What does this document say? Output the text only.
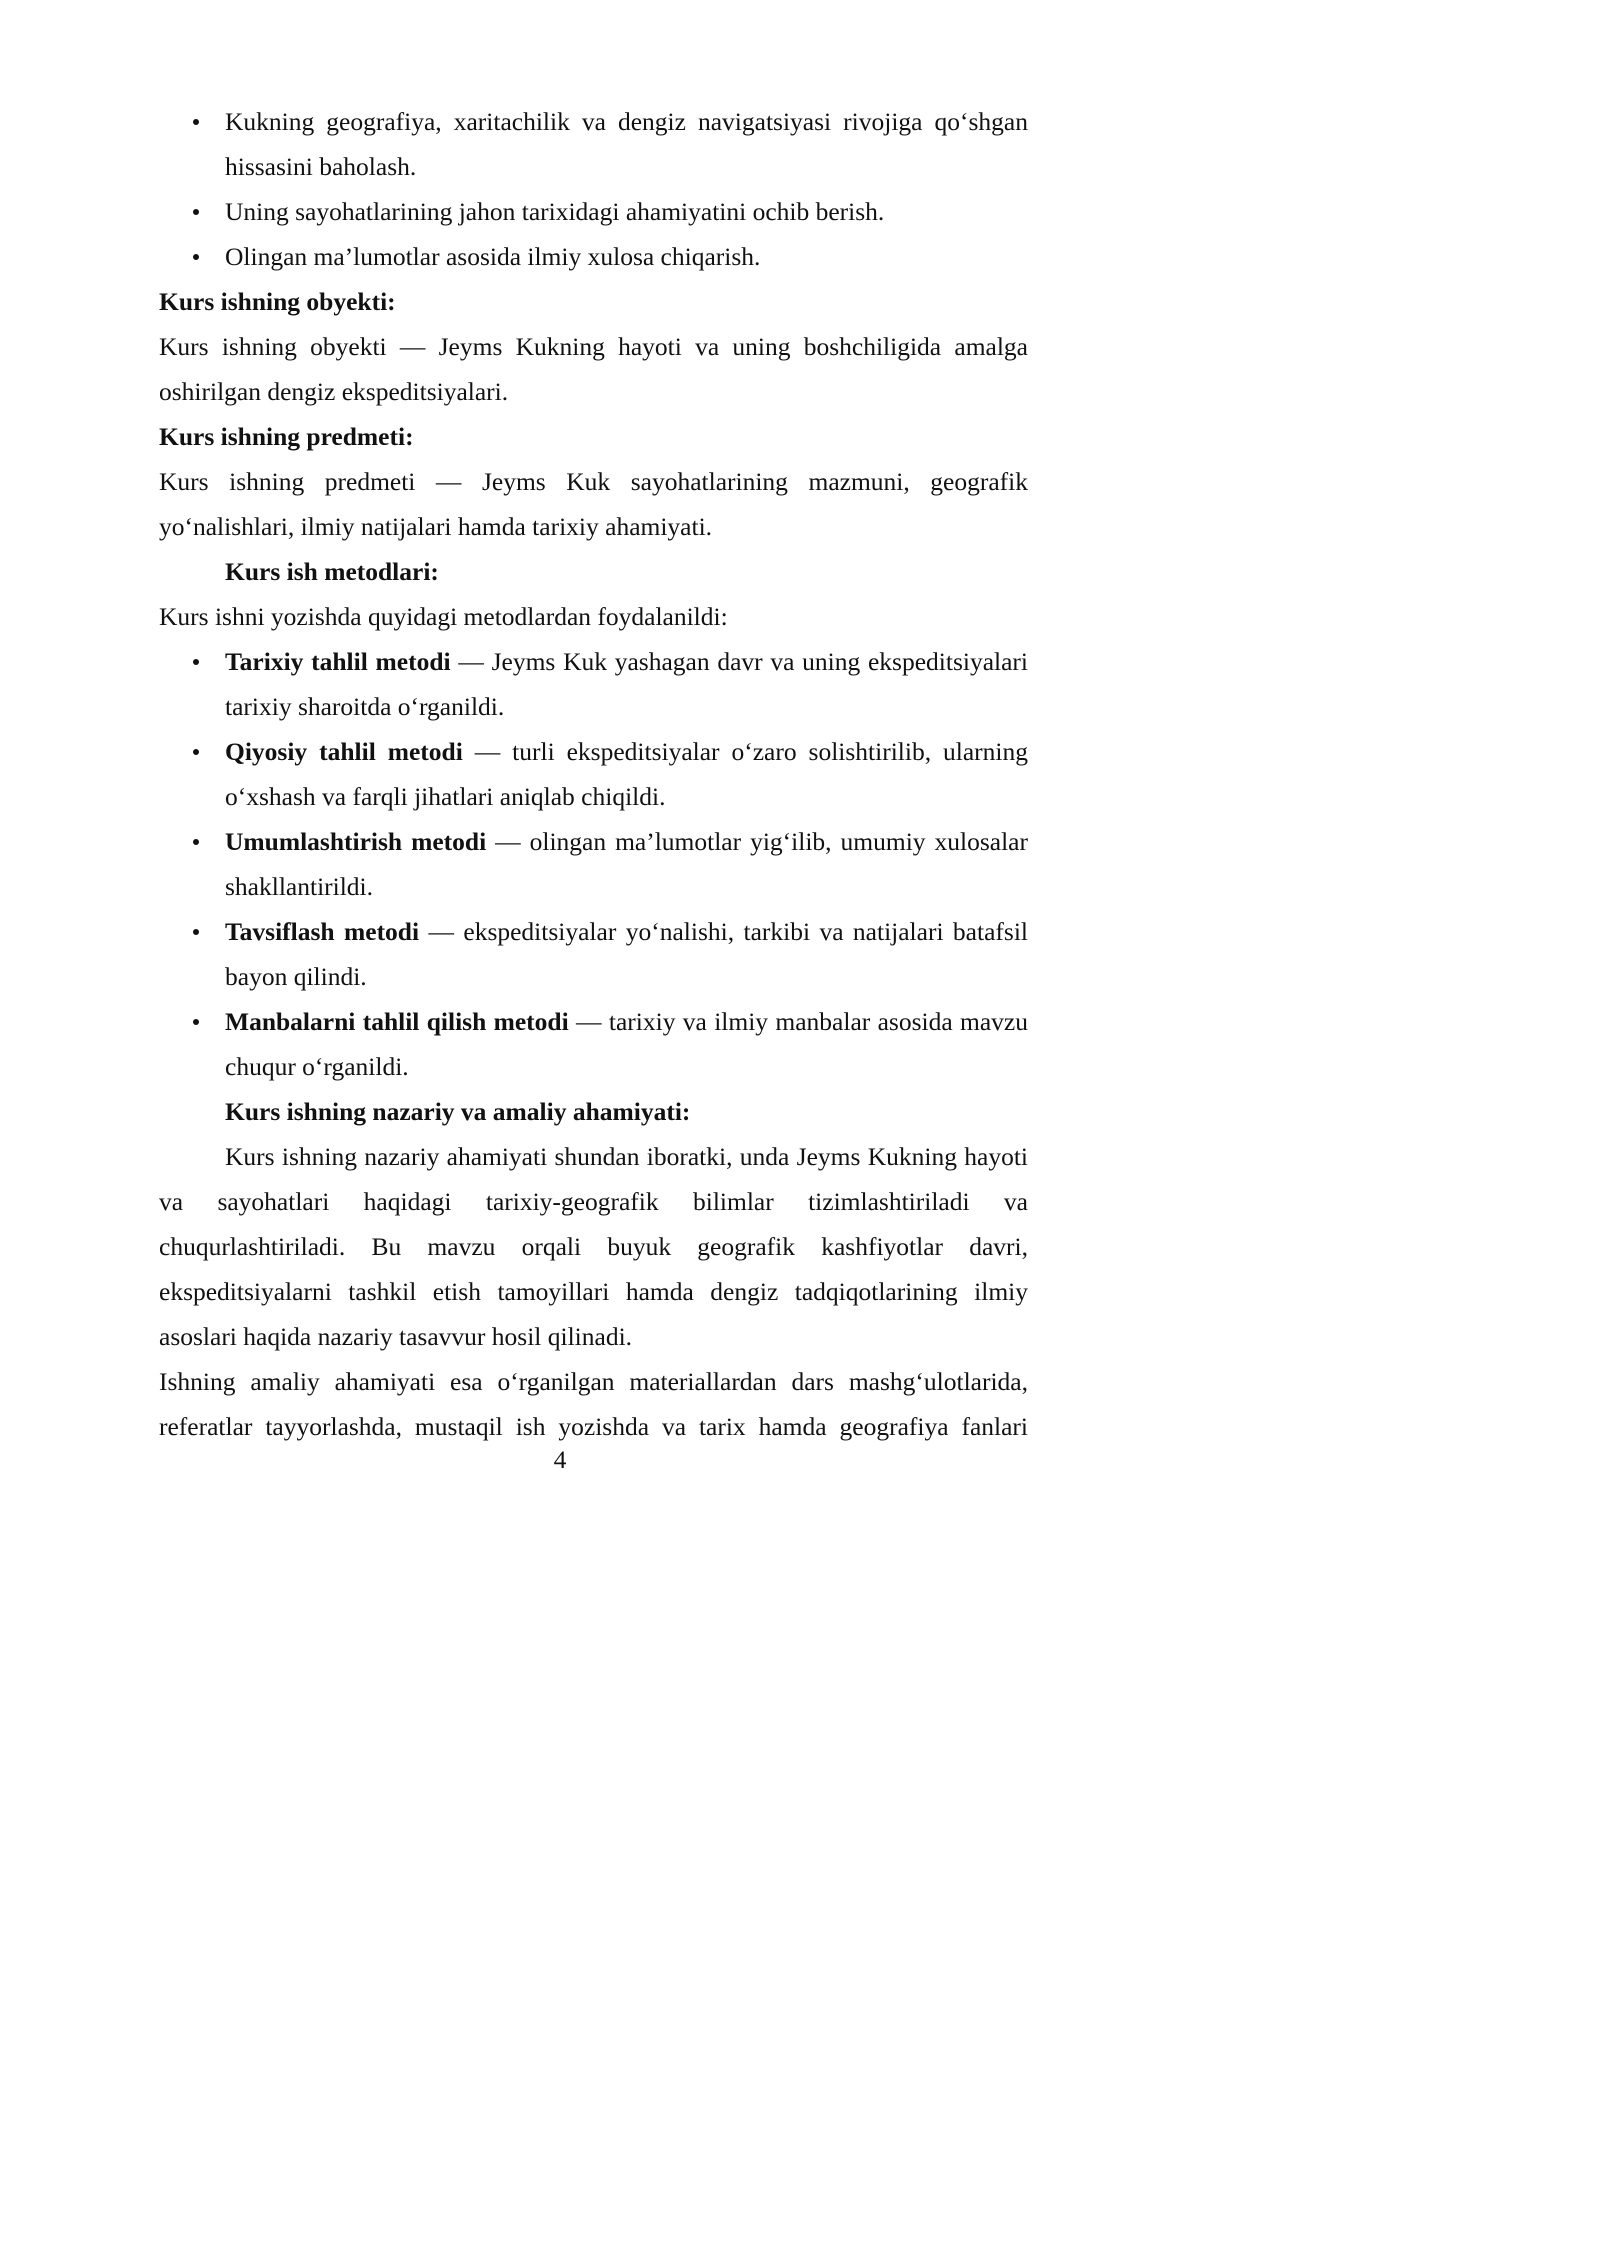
Kukning geografiya, xaritachilik va dengiz navigatsiyasi rivojiga qo‘shgan
hissasini baholash.
Uning sayohatlarining jahon tarixidagi ahamiyatini ochib berish.
Olingan ma’lumotlar asosida ilmiy xulosa chiqarish.
Kurs ishning obyekti:
Kurs ishning obyekti — Jeyms Kukning hayoti va uning boshchiligida amalga
oshirilgan dengiz ekspeditsiyalari.
Kurs ishning predmeti:
Kurs ishning predmeti — Jeyms Kuk sayohatlarining mazmuni, geografik
yo‘nalishlari, ilmiy natijalari hamda tarixiy ahamiyati.
Kurs ish metodlari:
Kurs ishni yozishda quyidagi metodlardan foydalanildi:
Tarixiy tahlil metodi — Jeyms Kuk yashagan davr va uning ekspeditsiyalari
tarixiy sharoitda o‘rganildi.
Qiyosiy tahlil metodi — turli ekspeditsiyalar o‘zaro solishtirilib, ularning
o‘xshash va farqli jihatlari aniqlab chiqildi.
Umumlashtirish metodi — olingan ma’lumotlar yig‘ilib, umumiy xulosalar
shakllantirildi.
Tavsiflash metodi — ekspeditsiyalar yo‘nalishi, tarkibi va natijalari batafsil
bayon qilindi.
Manbalarni tahlil qilish metodi — tarixiy va ilmiy manbalar asosida mavzu
chuqur o‘rganildi.
Kurs ishning nazariy va amaliy ahamiyati:
Kurs ishning nazariy ahamiyati shundan iboratki, unda Jeyms Kukning hayoti
va sayohatlari haqidagi tarixiy-geografik bilimlar tizimlashtiriladi va
chuqurlashtiriladi. Bu mavzu orqali buyuk geografik kashfiyotlar davri,
ekspeditsiyalarni tashkil etish tamoyillari hamda dengiz tadqiqotlarining ilmiy
asoslari haqida nazariy tasavvur hosil qilinadi.
Ishning amaliy ahamiyati esa o‘rganilgan materiallardan dars mashg‘ulotlarida,
referatlar tayyorlashda, mustaqil ish yozishda va tarix hamda geografiya fanlari
4
